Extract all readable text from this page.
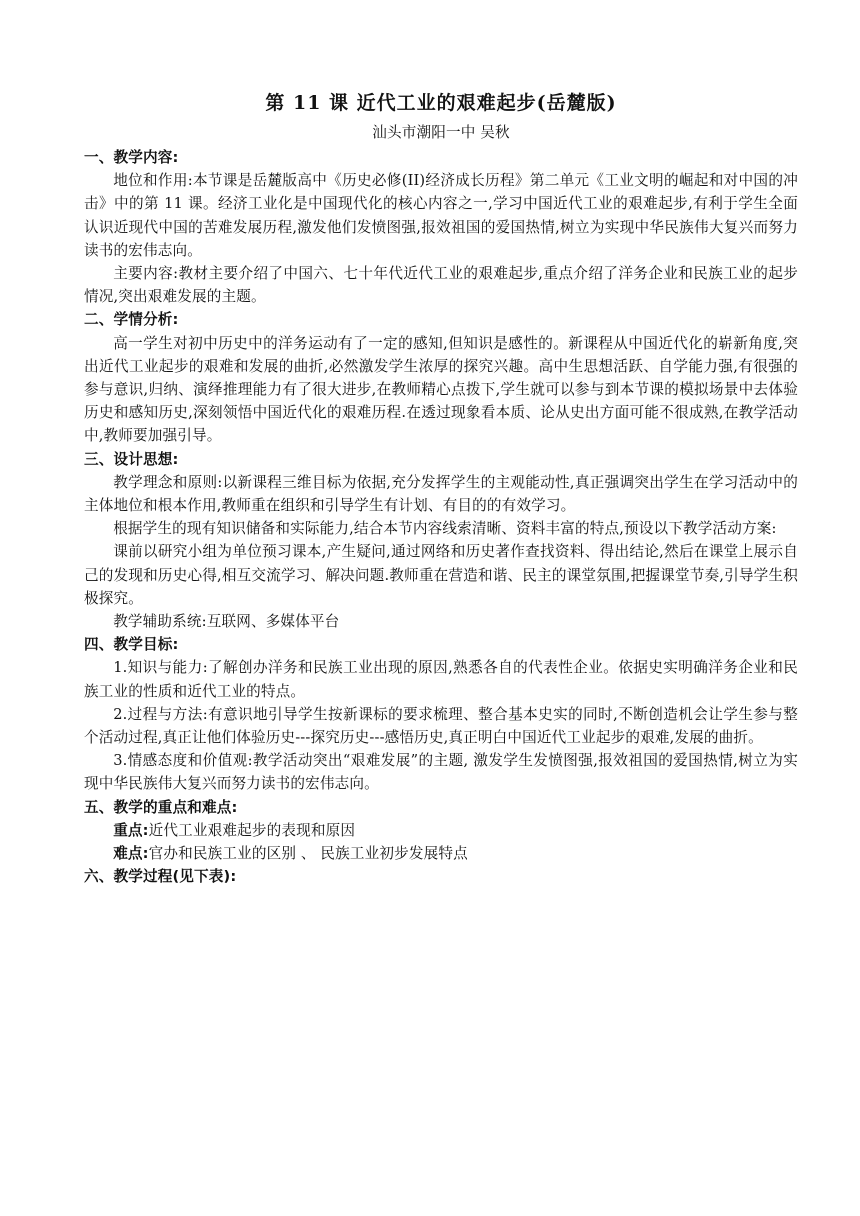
第 11 课 近代工业的艰难起步(岳麓版)
汕头市潮阳一中 吴秋
一、教学内容:

地位和作用:本节课是岳麓版高中《历史必修(II)经济成长历程》第二单元《工业文明的崛起和对中国的冲击》中的第 11 课。经济工业化是中国现代化的核心内容之一,学习中国近代工业的艰难起步,有利于学生全面认识近现代中国的苦难发展历程,激发他们发愤图强,报效祖国的爱国热情,树立为实现中华民族伟大复兴而努力读书的宏伟志向。

主要内容:教材主要介绍了中国六、七十年代近代工业的艰难起步,重点介绍了洋务企业和民族工业的起步情况,突出艰难发展的主题。

二、学情分析:

高一学生对初中历史中的洋务运动有了一定的感知,但知识是感性的。新课程从中国近代化的崭新角度,突出近代工业起步的艰难和发展的曲折,必然激发学生浓厚的探究兴趣。高中生思想活跃、自学能力强,有很强的参与意识,归纳、演绎推理能力有了很大进步,在教师精心点拨下,学生就可以参与到本节课的模拟场景中去体验历史和感知历史,深刻领悟中国近代化的艰难历程.在透过现象看本质、论从史出方面可能不很成熟,在教学活动中,教师要加强引导。

三、设计思想:

教学理念和原则:以新课程三维目标为依据,充分发挥学生的主观能动性,真正强调突出学生在学习活动中的主体地位和根本作用,教师重在组织和引导学生有计划、有目的的有效学习。

根据学生的现有知识储备和实际能力,结合本节内容线索清晰、资料丰富的特点,预设以下教学活动方案:

课前以研究小组为单位预习课本,产生疑问,通过网络和历史著作查找资料、得出结论,然后在课堂上展示自己的发现和历史心得,相互交流学习、解决问题.教师重在营造和谐、民主的课堂氛围,把握课堂节奏,引导学生积极探究。

教学辅助系统:互联网、多媒体平台

四、教学目标:

1.知识与能力:了解创办洋务和民族工业出现的原因,熟悉各自的代表性企业。依据史实明确洋务企业和民族工业的性质和近代工业的特点。

2.过程与方法:有意识地引导学生按新课标的要求梳理、整合基本史实的同时,不断创造机会让学生参与整个活动过程,真正让他们体验历史---探究历史---感悟历史,真正明白中国近代工业起步的艰难,发展的曲折。

3.情感态度和价值观:教学活动突出“艰难发展”的主题, 激发学生发愤图强,报效祖国的爱国热情,树立为实现中华民族伟大复兴而努力读书的宏伟志向。

五、教学的重点和难点:

重点:近代工业艰难起步的表现和原因

难点:官办和民族工业的区别 、 民族工业初步发展特点

六、教学过程(见下表):
